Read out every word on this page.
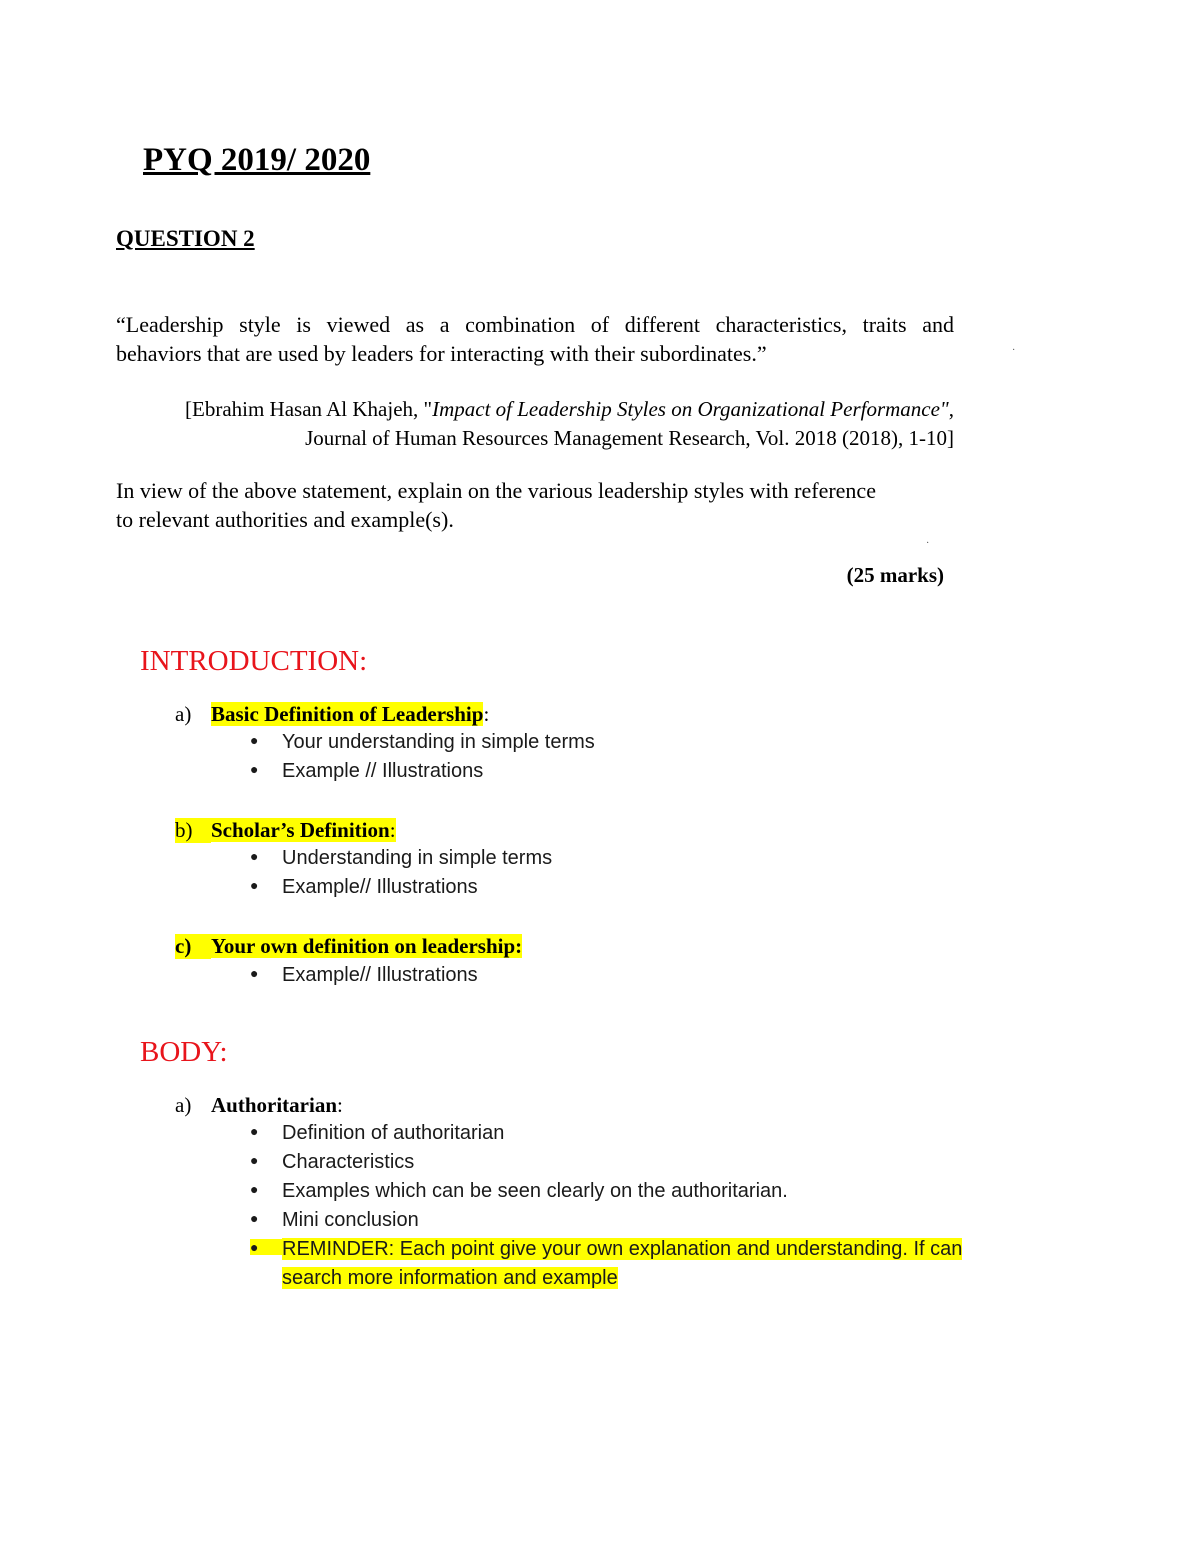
PYQ 2019/ 2020
QUESTION 2
“Leadership style is viewed as a combination of different characteristics, traits and
behaviors that are used by leaders for interacting with their subordinates.”	·
[Ebrahim Hasan Al Khajeh, "Impact of Leadership Styles on Organizational Performance",
Journal of Human Resources Management Research, Vol. 2018 (2018), 1-10]
In view of the above statement, explain on the various leadership styles with reference
to relevant authorities and example(s).
·
(25 marks)
INTRODUCTION:
a) Basic Definition of Leadership:
● Your understanding in simple terms
● Example // Illustrations
b) Scholar’s Definition:
● Understanding in simple terms
● Example// Illustrations
c) Your own definition on leadership:
● Example// Illustrations
BODY:
a) Authoritarian:
● Definition of authoritarian
● Characteristics
● Examples which can be seen clearly on the authoritarian.
● Mini conclusion
● REMINDER: Each point give your own explanation and understanding. If can
search more information and example
